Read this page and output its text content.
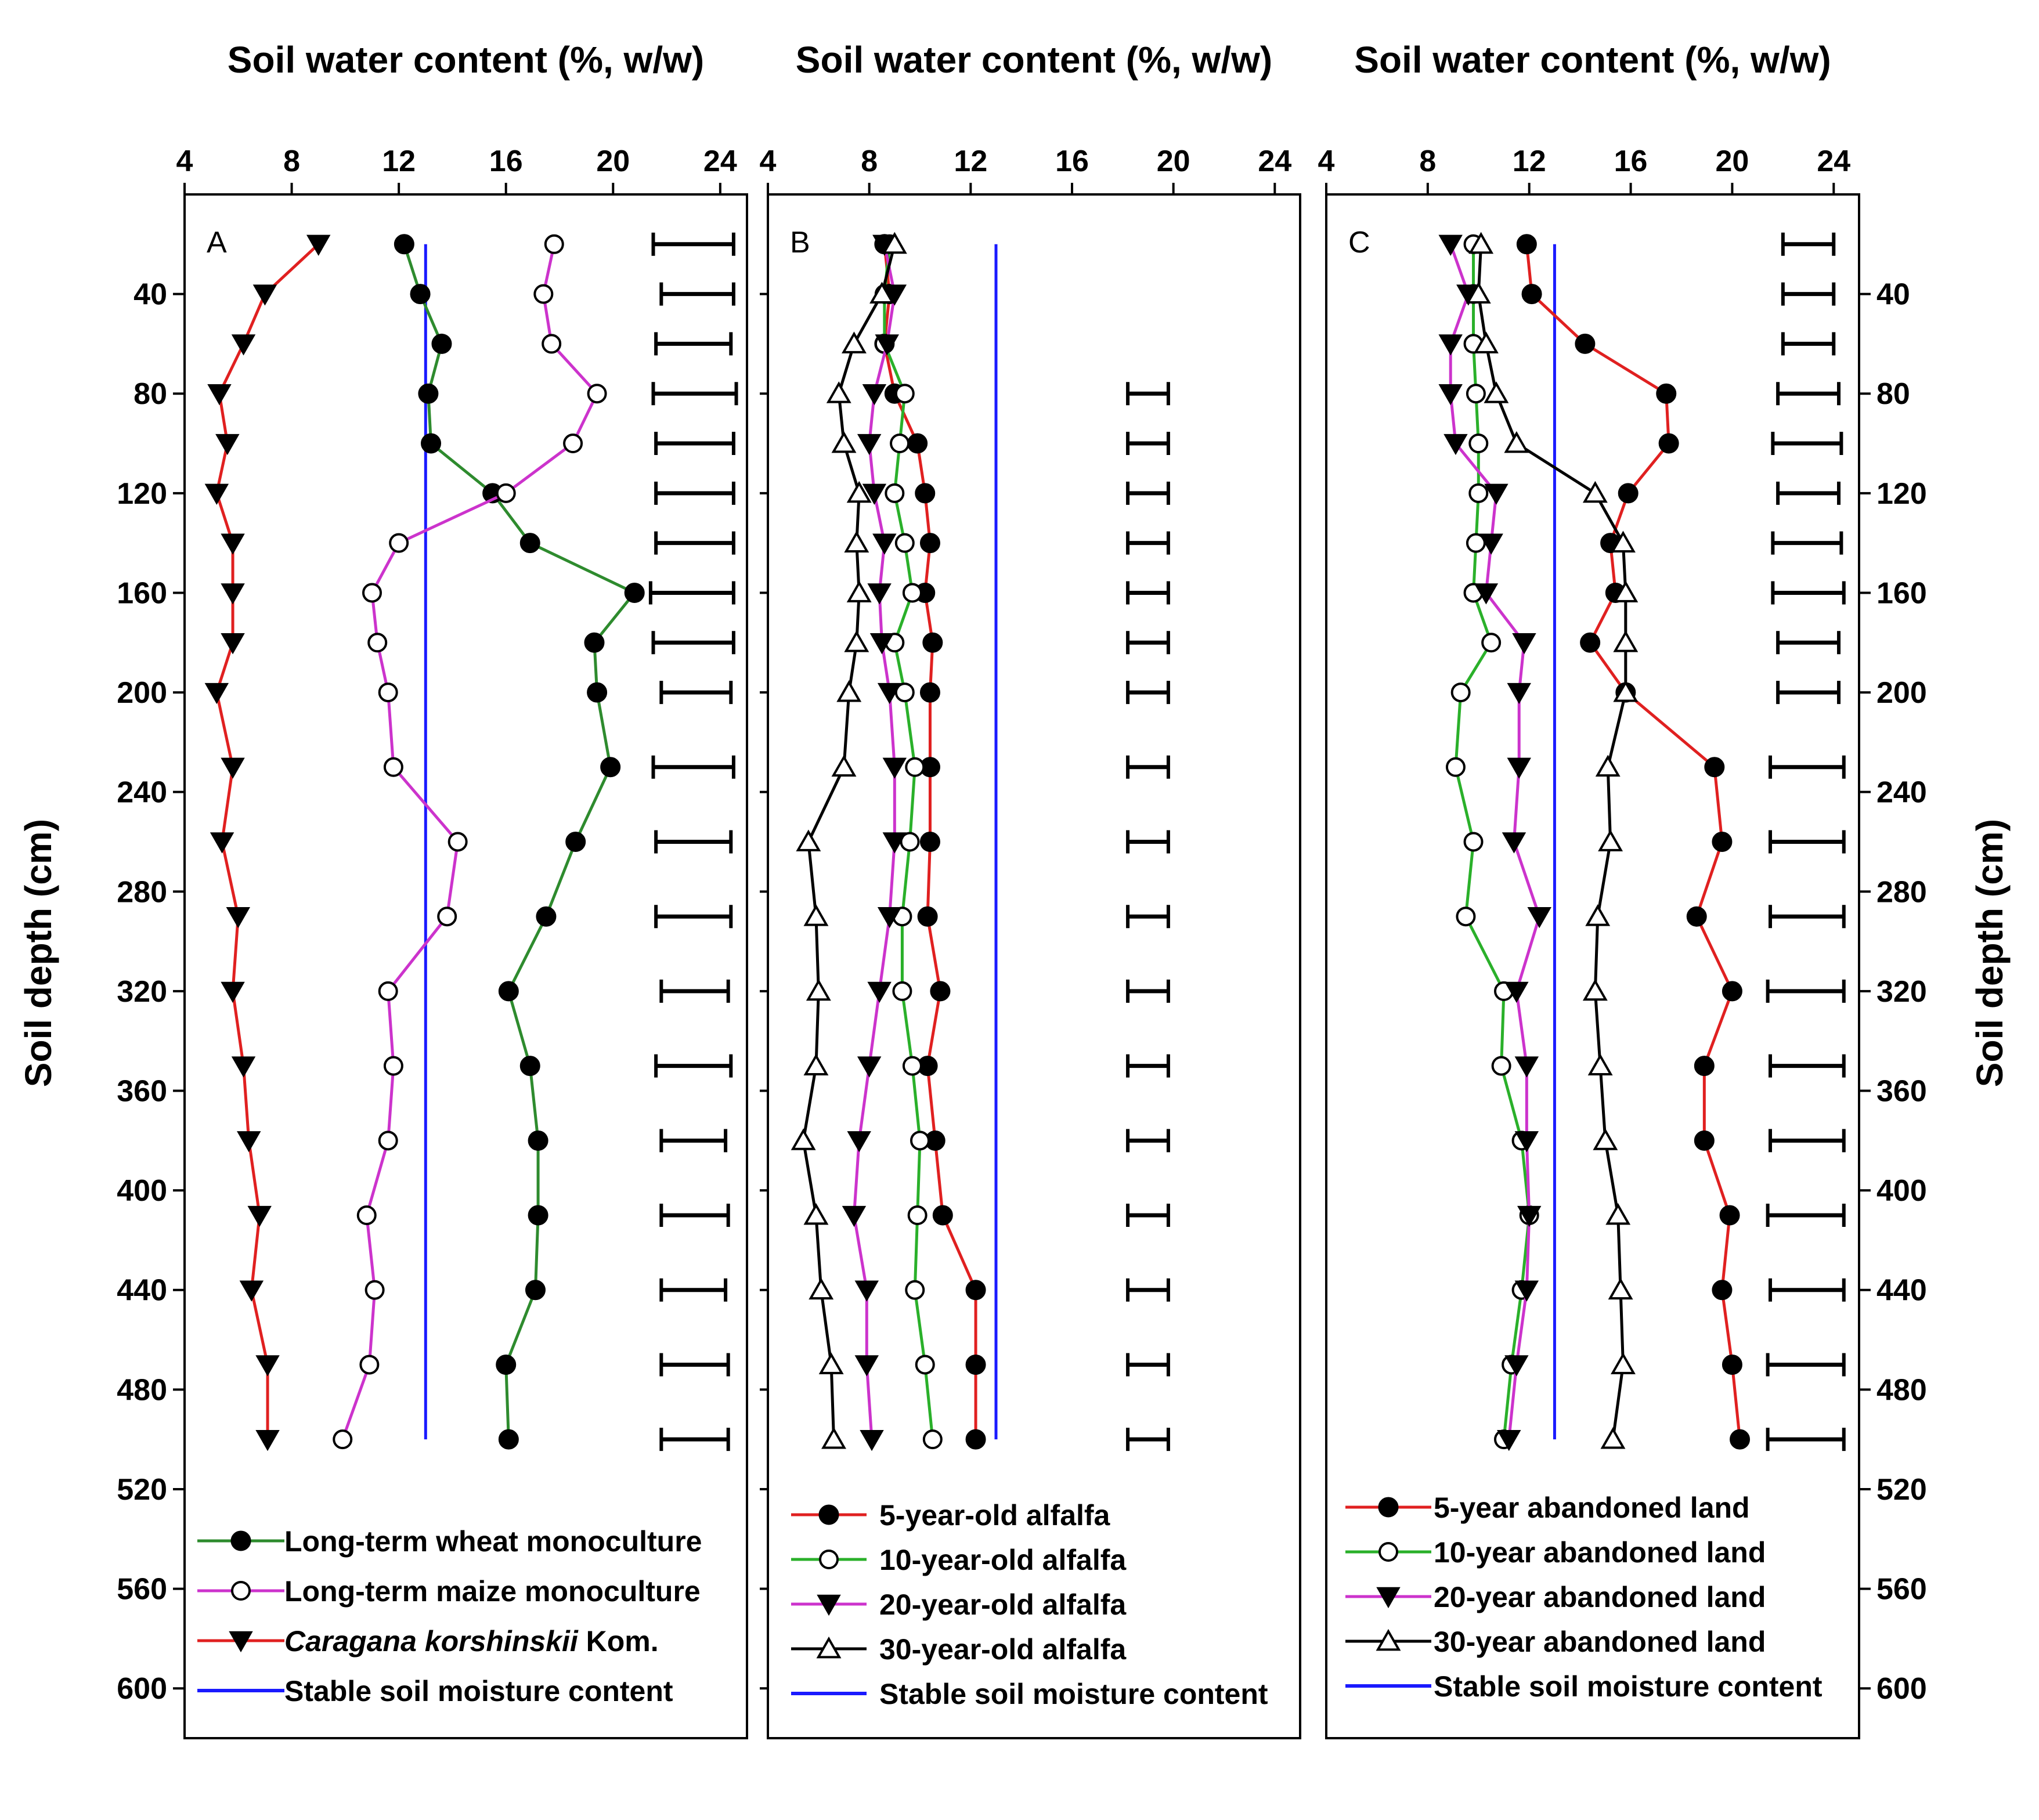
Soil water content (%, w/w)
4	8	12 16 20 24
40
80
120
160
200
240
280
320
360
400
440
480
520
560
600
Soil depth (cm)
A
Long-term wheat monoculture
Long-term maize monoculture
Caragana korshinskii Kom.
Stable soil moisture content
Soil water content (%, w/w)
4	8	12 16 20 24
B
5-year-old alfalfa
10-year-old alfalfa
20-year-old alfalfa
30-year-old alfalfa
Stable soil moisture content
Soil water content (%, w/w)
4	8	12 16 20 24
40
80
120
160
200
240
280
320
360
400
440
480
520
560
600
Soil depth (cm)
C
5-year abandoned land
10-year abandoned land
20-year abandoned land
30-year abandoned land
Stable soil moisture content
